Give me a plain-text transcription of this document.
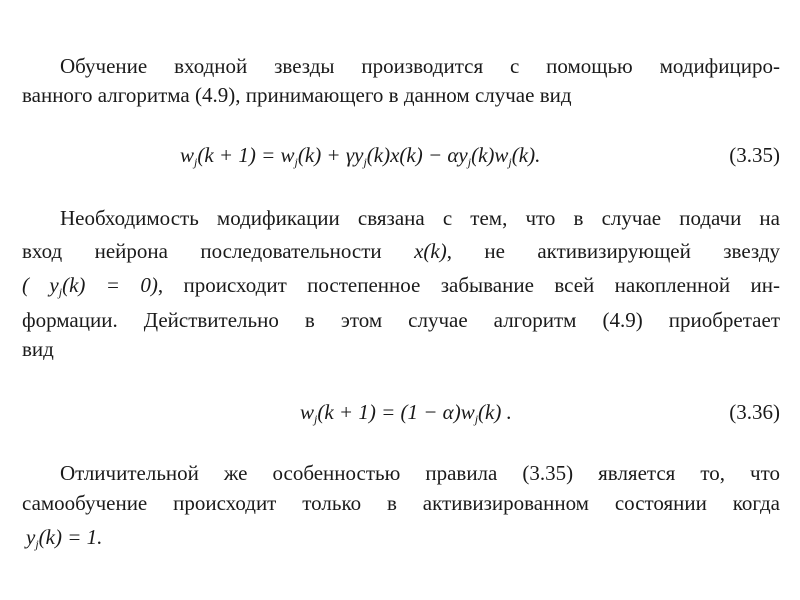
Обучение входной звезды производится с помощью модифициро-
ванного алгоритма (4.9), принимающего в данном случае вид
$w_j(k + 1) = w_j(k) + \gamma y_j(k)x(k) - \alpha y_j(k)w_j(k)$.	(3.35)
Необходимость модификации связана с тем, что в случае подачи на
вход нейрона последовательности x(k), не активизирующей звезду
( $y_j(k) = 0$), происходит постепенное забывание всей накопленной ин-
формации. Действительно в этом случае алгоритм (4.9) приобретает
вид
$w_j(k + 1) = (1 - \alpha)w_j(k)$ .	(3.36)
Отличительной же особенностью правила (3.35) является то, что
самообучение происходит только в активизированном состоянии когда
$y_j(k) = 1$.
